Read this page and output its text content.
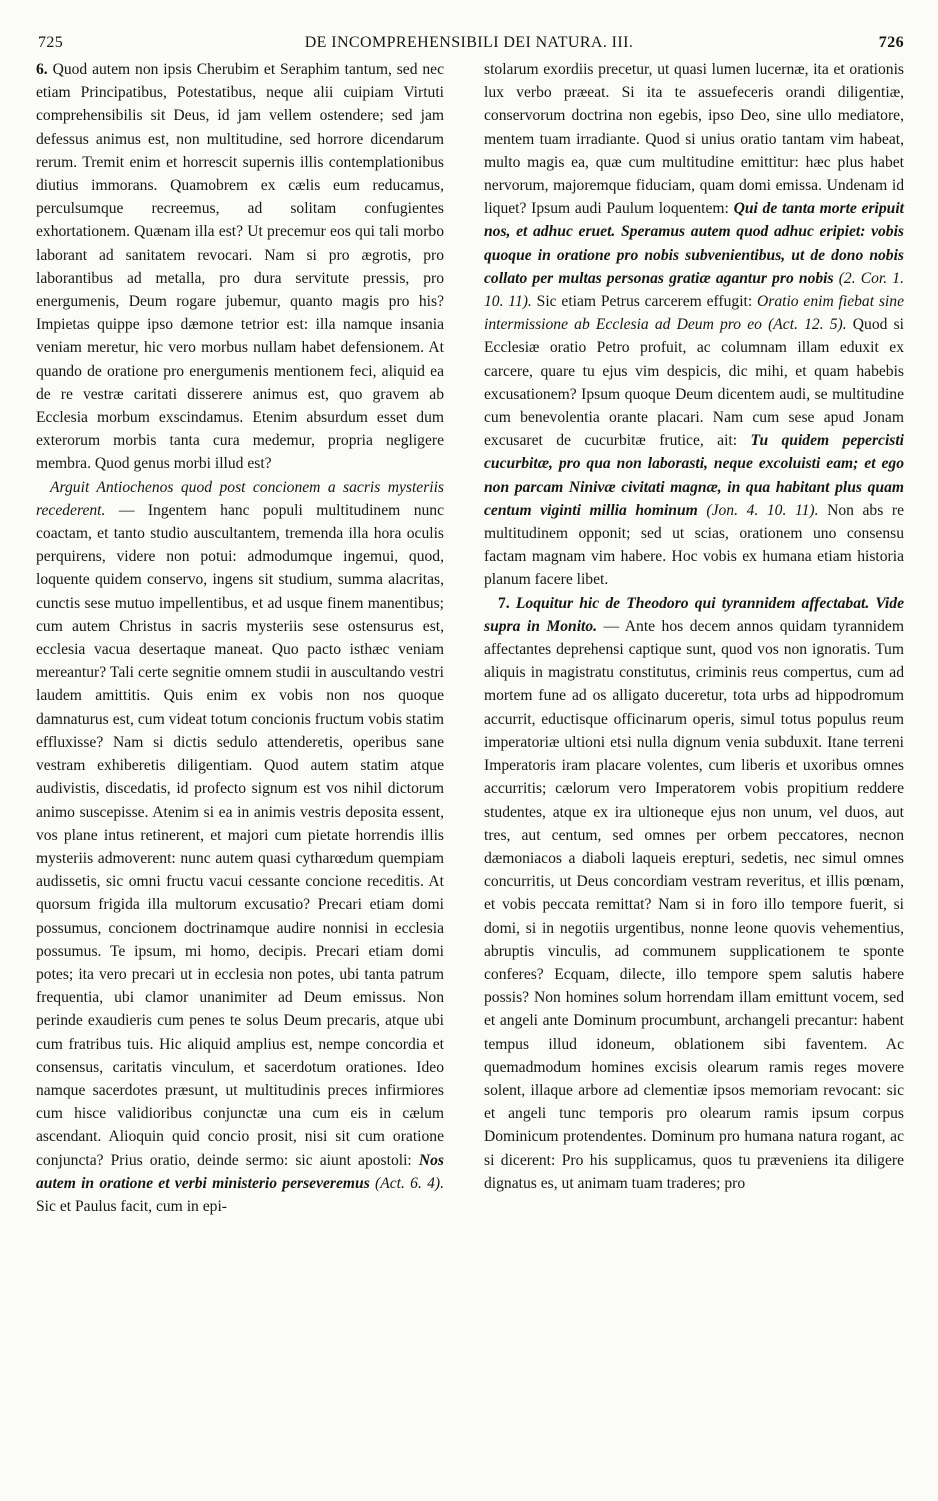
725	DE INCOMPREHENSIBILI DEI NATURA. III.	726

6. Quod autem non ipsis Cherubim et Seraphim tantum, sed nec etiam Principatibus, Potestatibus, neque alii cuipiam Virtuti comprehensibilis sit Deus, id jam vellem ostendere; sed jam defessus animus est, non multitudine, sed horrore dicendarum rerum. Tremit enim et horrescit supernis illis contemplationibus diutius immorans. Quamobrem ex cælis eum reducamus, perculsumque recreemus, ad solitam confugientes exhortationem. Quænam illa est? Ut precemur eos qui tali morbo laborant ad sanitatem revocari. Nam si pro ægrotis, pro laborantibus ad metalla, pro dura servitute pressis, pro energumenis, Deum rogare jubemur, quanto magis pro his? Impietas quippe ipso dæmone tetrior est: illa namque insania veniam meretur, hic vero morbus nullam habet defensionem. At quando de oratione pro energumenis mentionem feci, aliquid ea de re vestræ caritati disserere animus est, quo gravem ab Ecclesia morbum exscindamus. Etenim absurdum esset dum exterorum morbis tanta cura medemur, propria negligere membra. Quod genus morbi illud est?

Arguit Antiochenos quod post concionem a sacris mysteriis recederent. — Ingentem hanc populi multitudinem nunc coactam, et tanto studio auscultantem, tremenda illa hora oculis perquirens, videre non potui: admodumque ingemui, quod, loquente quidem conservo, ingens sit studium, summa alacritas, cunctis sese mutuo impellentibus, et ad usque finem manentibus; cum autem Christus in sacris mysteriis sese ostensurus est, ecclesia vacua desertaque maneat. Quo pacto isthæc veniam mereantur? Tali certe segnitie omnem studii in auscultando vestri laudem amittitis. Quis enim ex vobis non nos quoque damnaturus est, cum videat totum concionis fructum vobis statim effluxisse? Nam si dictis sedulo attenderetis, operibus sane vestram exhiberetis diligentiam. Quod autem statim atque audivistis, discedatis, id profecto signum est vos nihil dictorum animo suscepisse. Atenim si ea in animis vestris deposita essent, vos plane intus retinerent, et majori cum pietate horrendis illis mysteriis admoverent: nunc autem quasi cytharœdum quempiam audissetis, sic omni fructu vacui cessante concione receditis. At quorsum frigida illa multorum excusatio? Precari etiam domi possumus, concionem doctrinamque audire nonnisi in ecclesia possumus. Te ipsum, mi homo, decipis. Precari etiam domi potes; ita vero precari ut in ecclesia non potes, ubi tanta patrum frequentia, ubi clamor unanimiter ad Deum emissus. Non perinde exaudieris cum penes te solus Deum precaris, atque ubi cum fratribus tuis. Hic aliquid amplius est, nempe concordia et consensus, caritatis vinculum, et sacerdotum orationes. Ideo namque sacerdotes præsunt, ut multitudinis preces infirmiores cum hisce validioribus conjunctæ una cum eis in cælum ascendant. Alioquin quid concio prosit, nisi sit cum oratione conjuncta? Prius oratio, deinde sermo: sic aiunt apostoli: Nos autem in oratione et verbi ministerio perseveremus (Act. 6. 4). Sic et Paulus facit, cum in epi-

stolarum exordiis precetur, ut quasi lumen lucernæ, ita et orationis lux verbo præeat. Si ita te assuefeceris orandi diligentiæ, conservorum doctrina non egebis, ipso Deo, sine ullo mediatore, mentem tuam irradiante. Quod si unius oratio tantam vim habeat, multo magis ea, quæ cum multitudine emittitur: hæc plus habet nervorum, majoremque fiduciam, quam domi emissa. Undenam id liquet? Ipsum audi Paulum loquentem: Qui de tanta morte eripuit nos, et adhuc eruet. Speramus autem quod adhuc eripiet: vobis quoque in oratione pro nobis subvenientibus, ut de dono nobis collato per multas personas gratiæ agantur pro nobis (2. Cor. 1. 10. 11). Sic etiam Petrus carcerem effugit: Oratio enim fiebat sine intermissione ab Ecclesia ad Deum pro eo (Act. 12. 5). Quod si Ecclesiæ oratio Petro profuit, ac columnam illam eduxit ex carcere, quare tu ejus vim despicis, dic mihi, et quam habebis excusationem? Ipsum quoque Deum dicentem audi, se multitudine cum benevolentia orante placari. Nam cum sese apud Jonam excusaret de cucurbitæ frutice, ait: Tu quidem pepercisti cucurbitæ, pro qua non laborasti, neque excoluisti eam; et ego non parcam Ninivæ civitati magnæ, in qua habitant plus quam centum viginti millia hominum (Jon. 4. 10. 11). Non abs re multitudinem opponit; sed ut scias, orationem uno consensu factam magnam vim habere. Hoc vobis ex humana etiam historia planum facere libet.

7. Loquitur hic de Theodoro qui tyrannidem affectabat. Vide supra in Monito. — Ante hos decem annos quidam tyrannidem affectantes deprehensi captique sunt, quod vos non ignoratis. Tum aliquis in magistratu constitutus, criminis reus compertus, cum ad mortem fune ad os alligato duceretur, tota urbs ad hippodromum accurrit, eductisque officinarum operis, simul totus populus reum imperatoriæ ultioni etsi nulla dignum venia subduxit. Itane terreni Imperatoris iram placare volentes, cum liberis et uxoribus omnes accurritis; cælorum vero Imperatorem vobis propitium reddere studentes, atque ex ira ultioneque ejus non unum, vel duos, aut tres, aut centum, sed omnes per orbem peccatores, necnon dæmoniacos a diaboli laqueis erepturi, sedetis, nec simul omnes concurritis, ut Deus concordiam vestram reveritus, et illis pœnam, et vobis peccata remittat? Nam si in foro illo tempore fuerit, si domi, si in negotiis urgentibus, nonne leone quovis vehementius, abruptis vinculis, ad communem supplicationem te sponte conferes? Ecquam, dilecte, illo tempore spem salutis habere possis? Non homines solum horrendam illam emittunt vocem, sed et angeli ante Dominum procumbunt, archangeli precantur: habent tempus illud idoneum, oblationem sibi faventem. Ac quemadmodum homines excisis olearum ramis reges movere solent, illaque arbore ad clementiæ ipsos memoriam revocant: sic et angeli tunc temporis pro olearum ramis ipsum corpus Dominicum protendentes. Dominum pro humana natura rogant, ac si dicerent: Pro his supplicamus, quos tu præveniens ita diligere dignatus es, ut animam tuam traderes; pro
